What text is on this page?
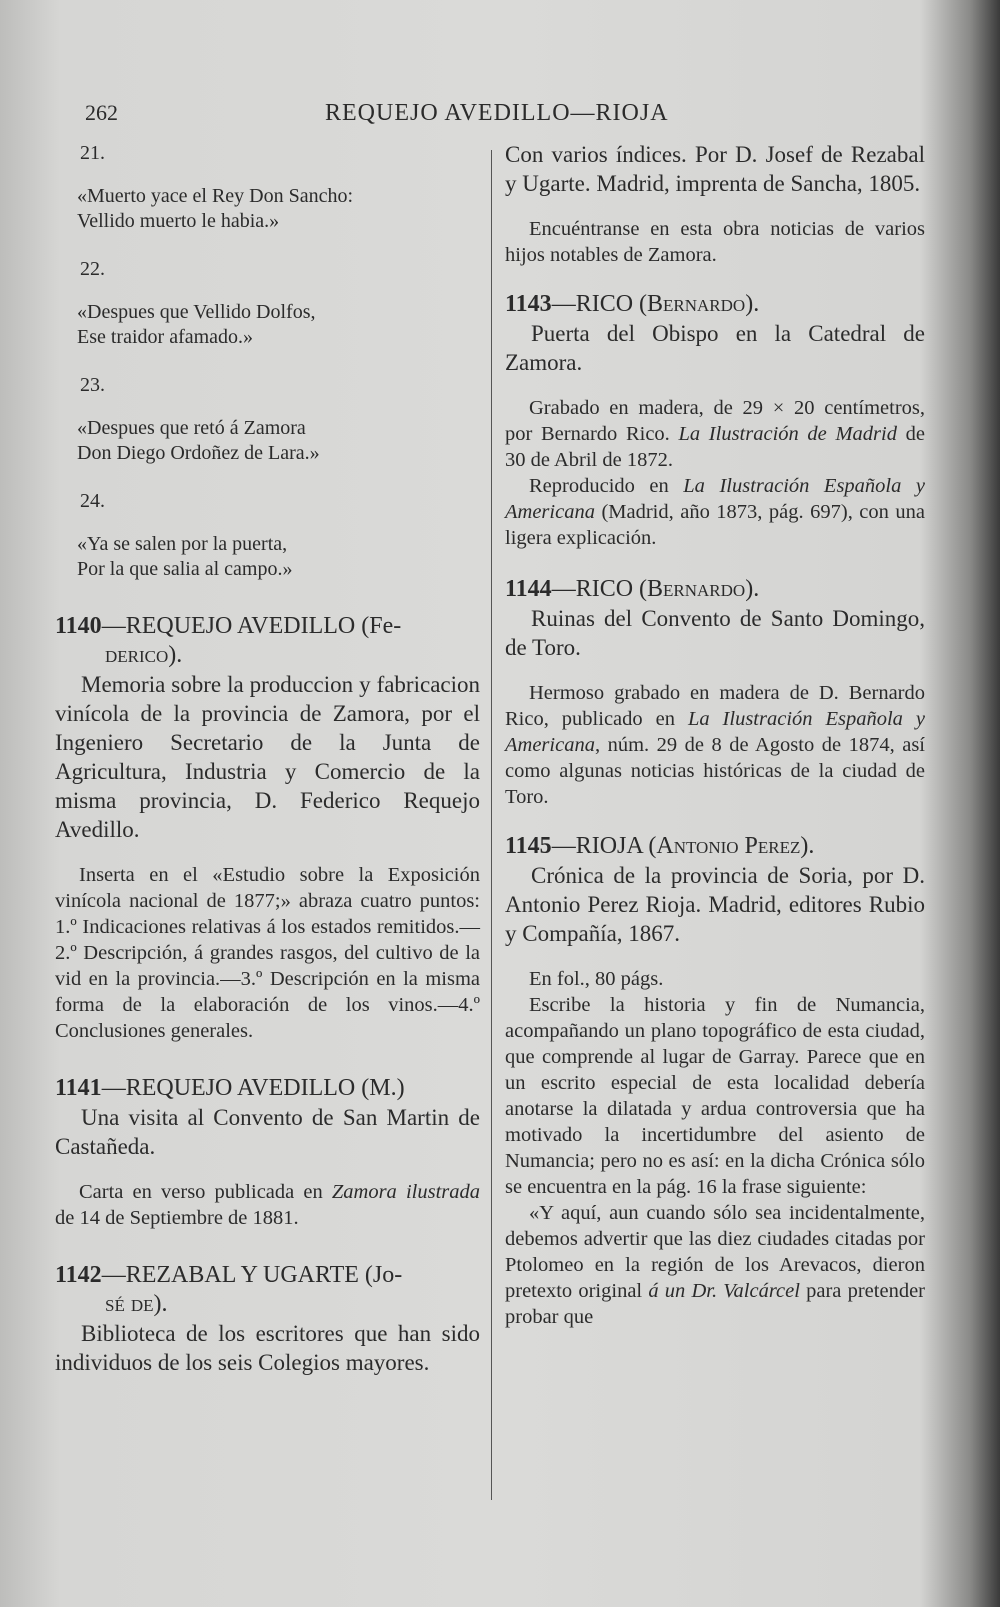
262	REQUEJO AVEDILLO—RIOJA
21.
«Muerto yace el Rey Don Sancho:
Vellido muerto le habia.»
22.
«Despues que Vellido Dolfos,
Ese traidor afamado.»
23.
«Despues que retó á Zamora
Don Diego Ordoñez de Lara.»
24.
«Ya se salen por la puerta,
Por la que salia al campo.»
1140—REQUEJO AVEDILLO (Fe-
derico).
Memoria sobre la produccion y fabricacion vinícola de la provincia de Zamora, por el Ingeniero Secretario de la Junta de Agricultura, Industria y Comercio de la misma provincia, D. Federico Requejo Avedillo.
Inserta en el «Estudio sobre la Exposición vinícola nacional de 1877;» abraza cuatro puntos: 1.º Indicaciones relativas á los estados remitidos.—2.º Descripción, á grandes rasgos, del cultivo de la vid en la provincia.—3.º Descripción en la misma forma de la elaboración de los vinos.—4.º Conclusiones generales.
1141—REQUEJO AVEDILLO (M.)
Una visita al Convento de San Martin de Castañeda.
Carta en verso publicada en Zamora ilustrada de 14 de Septiembre de 1881.
1142—REZABAL Y UGARTE (Jo-
sé de).
Biblioteca de los escritores que han sido individuos de los seis Colegios mayores.
Con varios índices. Por D. Josef de Rezabal y Ugarte. Madrid, imprenta de Sancha, 1805.
Encuéntranse en esta obra noticias de varios hijos notables de Zamora.
1143—RICO (Bernardo).
Puerta del Obispo en la Catedral de Zamora.
Grabado en madera, de 29 × 20 centímetros, por Bernardo Rico. La Ilustración de Madrid de 30 de Abril de 1872.
Reproducido en La Ilustración Española y Americana (Madrid, año 1873, pág. 697), con una ligera explicación.
1144—RICO (Bernardo).
Ruinas del Convento de Santo Domingo, de Toro.
Hermoso grabado en madera de D. Bernardo Rico, publicado en La Ilustración Española y Americana, núm. 29 de 8 de Agosto de 1874, así como algunas noticias históricas de la ciudad de Toro.
1145—RIOJA (Antonio Perez).
Crónica de la provincia de Soria, por D. Antonio Perez Rioja. Madrid, editores Rubio y Compañía, 1867.
En fol., 80 págs.
Escribe la historia y fin de Numancia, acompañando un plano topográfico de esta ciudad, que comprende al lugar de Garray. Parece que en un escrito especial de esta localidad debería anotarse la dilatada y ardua controversia que ha motivado la incertidumbre del asiento de Numancia; pero no es así: en la dicha Crónica sólo se encuentra en la pág. 16 la frase siguiente:
«Y aquí, aun cuando sólo sea incidentalmente, debemos advertir que las diez ciudades citadas por Ptolomeo en la región de los Arevacos, dieron pretexto original á un Dr. Valcárcel para pretender probar que
